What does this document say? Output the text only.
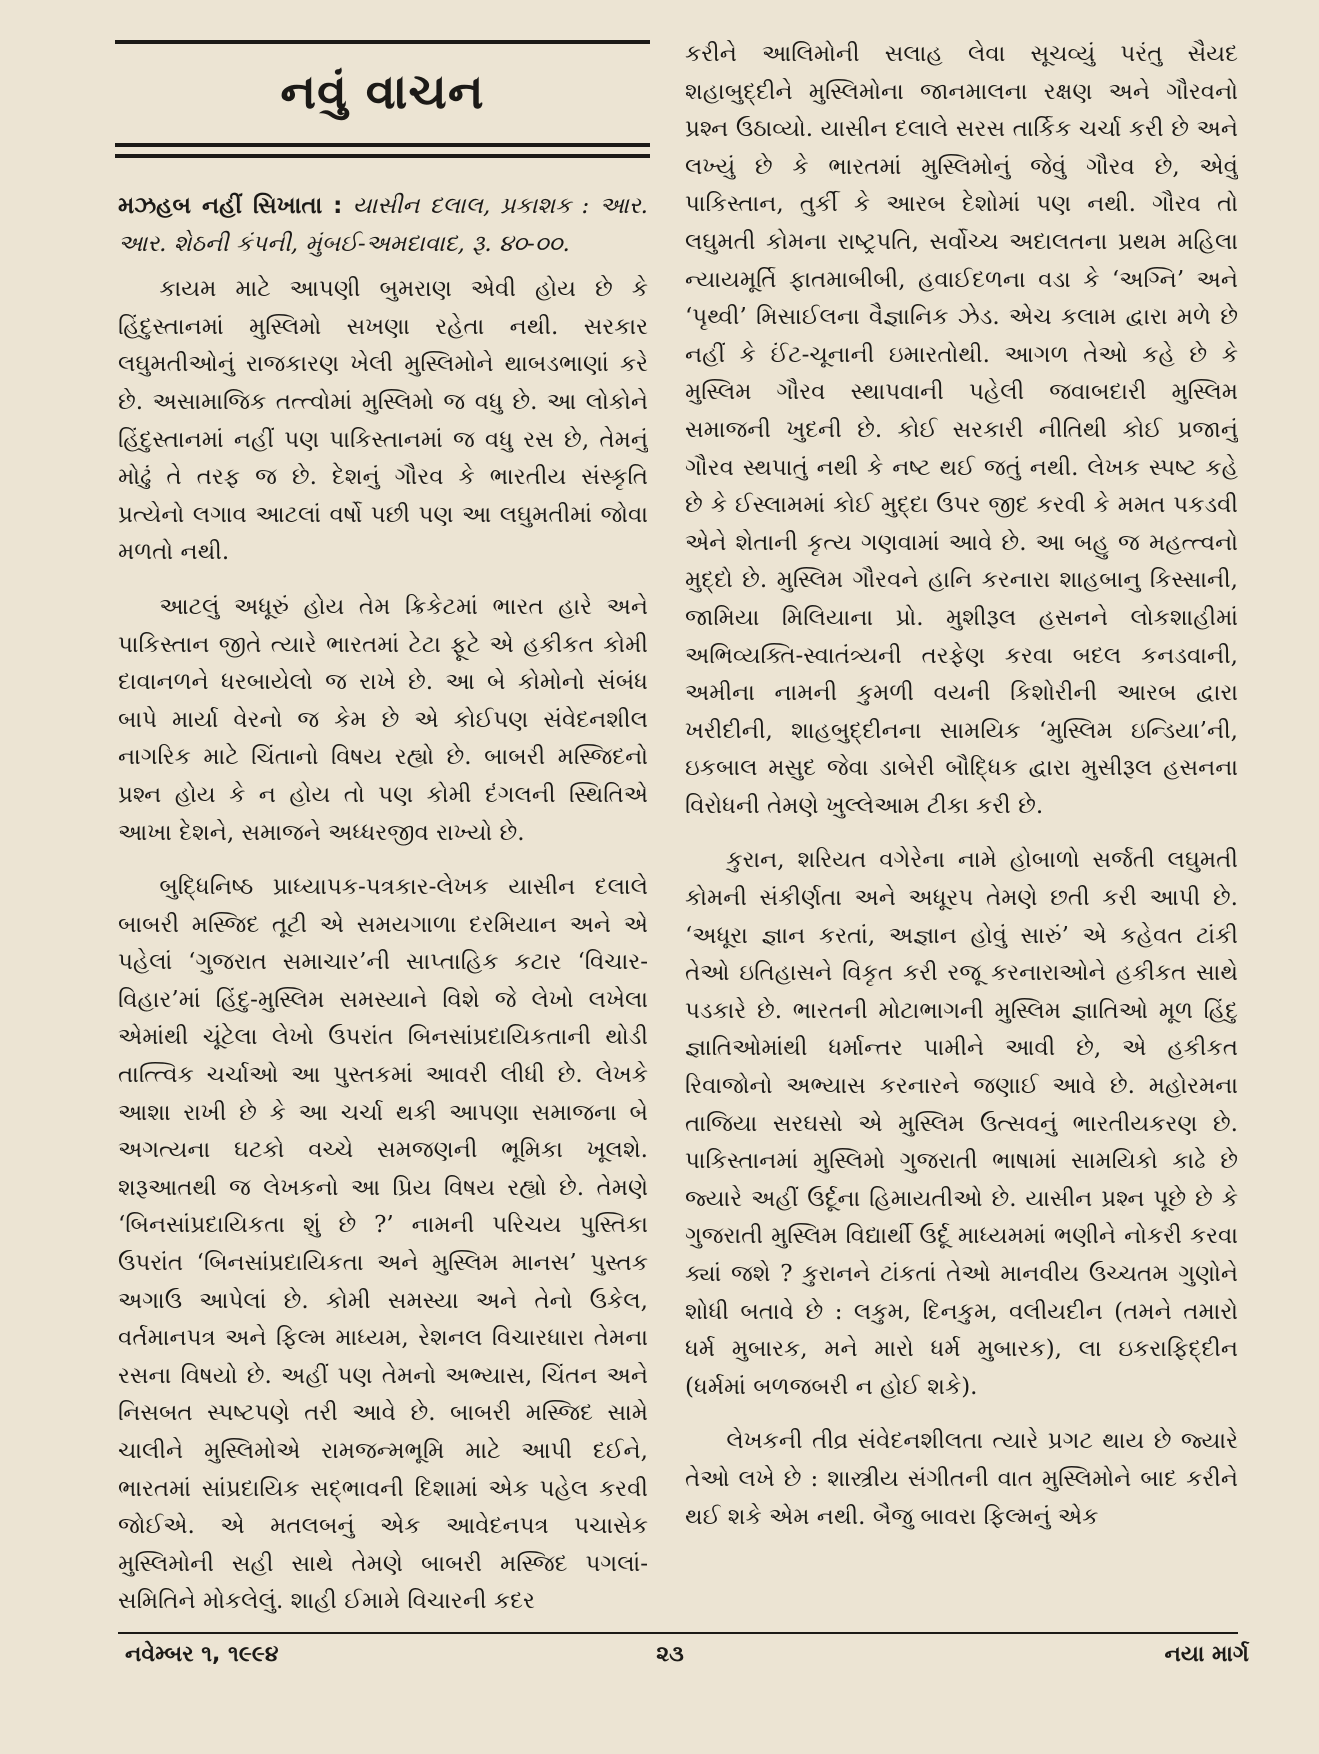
નવું વાચન

મઝહબ નહીં સિખાતા : યાસીન દલાલ, પ્રકાશક : આર. આર. શેઠની કંપની, મુંબઈ-અમદાવાદ, રૂ. ૪૦-૦૦.

કાયમ માટે આપણી બુમરાણ એવી હોય છે કે હિંદુસ્તાનમાં મુસ્લિમો સખણા રહેતા નથી. સરકાર લઘુમતીઓનું રાજકારણ ખેલી મુસ્લિમોને થાબડભાણાં કરે છે. અસામાજિક તત્ત્વોમાં મુસ્લિમો જ વધુ છે. આ લોકોને હિંદુસ્તાનમાં નહીં પણ પાકિસ્તાનમાં જ વધુ રસ છે, તેમનું મોઢું તે તરફ જ છે. દેશનું ગૌરવ કે ભારતીય સંસ્કૃતિ પ્રત્યેનો લગાવ આટલાં વર્ષો પછી પણ આ લઘુમતીમાં જોવા મળતો નથી.

આટલું અધૂરું હોય તેમ ક્રિકેટમાં ભારત હારે અને પાકિસ્તાન જીતે ત્યારે ભારતમાં ટેટા ફૂટે એ હકીકત કોમી દાવાનળને ધરબાયેલો જ રાખે છે. આ બે કોમોનો સંબંધ બાપે માર્યા વેરનો જ કેમ છે એ કોઈપણ સંવેદનશીલ નાગરિક માટે ચિંતાનો વિષય રહ્યો છે. બાબરી મસ્જિદનો પ્રશ્ન હોય કે ન હોય તો પણ કોમી દંગલની સ્થિતિએ આખા દેશને, સમાજને અધ્ધરજીવ રાખ્યો છે.

બુદ્ધિનિષ્ઠ પ્રાધ્યાપક-પત્રકાર-લેખક યાસીન દલાલે બાબરી મસ્જિદ તૂટી એ સમયગાળા દરમિયાન અને એ પહેલાં ‘ગુજરાત સમાચાર’ની સાપ્તાહિક કટાર ‘વિચાર-વિહાર’માં હિંદુ-મુસ્લિમ સમસ્યાને વિશે જે લેખો લખેલા એમાંથી ચૂંટેલા લેખો ઉપરાંત બિનસાંપ્રદાયિકતાની થોડી તાત્ત્વિક ચર્ચાઓ આ પુસ્તકમાં આવરી લીધી છે. લેખકે આશા રાખી છે કે આ ચર્ચા થકી આપણા સમાજના બે અગત્યના ઘટકો વચ્ચે સમજણની ભૂમિકા ખૂલશે. શરૂઆતથી જ લેખકનો આ પ્રિય વિષય રહ્યો છે. તેમણે ‘બિનસાંપ્રદાયિકતા શું છે ?’ નામની પરિચય પુસ્તિકા ઉપરાંત ‘બિનસાંપ્રદાયિકતા અને મુસ્લિમ માનસ’ પુસ્તક અગાઉ આપેલાં છે. કોમી સમસ્યા અને તેનો ઉકેલ, વર્તમાનપત્ર અને ફિલ્મ માધ્યમ, રેશનલ વિચારધારા તેમના રસના વિષયો છે. અહીં પણ તેમનો અભ્યાસ, ચિંતન અને નિસબત સ્પષ્ટપણે તરી આવે છે. બાબરી મસ્જિદ સામે ચાલીને મુસ્લિમોએ રામજન્મભૂમિ માટે આપી દઈને, ભારતમાં સાંપ્રદાયિક સદ્ભાવની દિશામાં એક પહેલ કરવી જોઈએ. એ મતલબનું એક આવેદનપત્ર પચાસેક મુસ્લિમોની સહી સાથે તેમણે બાબરી મસ્જિદ પગલાં-સમિતિને મોકલેલું. શાહી ઈમામે વિચારની કદર

કરીને આલિમોની સલાહ લેવા સૂચવ્યું પરંતુ સૈયદ શહાબુદ્દીને મુસ્લિમોના જાનમાલના રક્ષણ અને ગૌરવનો પ્રશ્ન ઉઠાવ્યો. યાસીન દલાલે સરસ તાર્કિક ચર્ચા કરી છે અને લખ્યું છે કે ભારતમાં મુસ્લિમોનું જેવું ગૌરવ છે, એવું પાકિસ્તાન, તુર્કી કે આરબ દેશોમાં પણ નથી. ગૌરવ તો લઘુમતી કોમના રાષ્ટ્રપતિ, સર્વોચ્ચ અદાલતના પ્રથમ મહિલા ન્યાયમૂર્તિ ફાતમાબીબી, હવાઈદળના વડા કે ‘અગ્નિ’ અને ‘પૃથ્વી’ મિસાઈલના વૈજ્ઞાનિક ઝેડ. એચ કલામ દ્વારા મળે છે નહીં કે ઈંટ-ચૂનાની ઇમારતોથી. આગળ તેઓ કહે છે કે મુસ્લિમ ગૌરવ સ્થાપવાની પહેલી જવાબદારી મુસ્લિમ સમાજની ખુદની છે. કોઈ સરકારી નીતિથી કોઈ પ્રજાનું ગૌરવ સ્થપાતું નથી કે નષ્ટ થઈ જતું નથી. લેખક સ્પષ્ટ કહે છે કે ઈસ્લામમાં કોઈ મુદ્દા ઉપર જીદ કરવી કે મમત પકડવી એને શેતાની કૃત્ય ગણવામાં આવે છે. આ બહુ જ મહત્ત્વનો મુદ્દો છે. મુસ્લિમ ગૌરવને હાનિ કરનારા શાહબાનુ કિસ્સાની, જામિયા મિલિયાના પ્રો. મુશીરૂલ હસનને લોકશાહીમાં અભિવ્યક્તિ-સ્વાતંત્ર્યની તરફેણ કરવા બદલ કનડવાની, અમીના નામની કુમળી વયની કિશોરીની આરબ દ્વારા ખરીદીની, શાહબુદ્દીનના સામયિક ‘મુસ્લિમ ઇન્ડિયા’ની, ઇકબાલ મસુદ જેવા ડાબેરી બૌદ્ધિક દ્વારા મુસીરૂલ હસનના વિરોધની તેમણે ખુલ્લેઆમ ટીકા કરી છે.

કુરાન, શરિયત વગેરેના નામે હોબાળો સર્જતી લઘુમતી કોમની સંકીર્ણતા અને અધૂરપ તેમણે છતી કરી આપી છે. ‘અધૂરા જ્ઞાન કરતાં, અજ્ઞાન હોવું સારું’ એ કહેવત ટાંકી તેઓ ઇતિહાસને વિકૃત કરી રજૂ કરનારાઓને હકીકત સાથે પડકારે છે. ભારતની મોટાભાગની મુસ્લિમ જ્ઞાતિઓ મૂળ હિંદુ જ્ઞાતિઓમાંથી ધર્માન્તર પામીને આવી છે, એ હકીકત રિવાજોનો અભ્યાસ કરનારને જણાઈ આવે છે. મહોરમના તાજિયા સરઘસો એ મુસ્લિમ ઉત્સવનું ભારતીયકરણ છે. પાકિસ્તાનમાં મુસ્લિમો ગુજરાતી ભાષામાં સામયિકો કાઢે છે જ્યારે અહીં ઉર્દૂના હિમાયતીઓ છે. યાસીન પ્રશ્ન પૂછે છે કે ગુજરાતી મુસ્લિમ વિદ્યાર્થી ઉર્દૂ માધ્યમમાં ભણીને નોકરી કરવા ક્યાં જશે ? કુરાનને ટાંકતાં તેઓ માનવીય ઉચ્ચતમ ગુણોને શોધી બતાવે છે : લકુમ, દિનકુમ, વલીયદીન (તમને તમારો ધર્મ મુબારક, મને મારો ધર્મ મુબારક), લા ઇકરાફિદ્દીન (ધર્મમાં બળજબરી ન હોઈ શકે).

લેખકની તીવ્ર સંવેદનશીલતા ત્યારે પ્રગટ થાય છે જ્યારે તેઓ લખે છે : શાસ્ત્રીય સંગીતની વાત મુસ્લિમોને બાદ કરીને થઈ શકે એમ નથી. બૈજુ બાવરા ફિલ્મનું એક

નવેમ્બર ૧, ૧૯૯૪	૨૩	નયા માર્ગ
